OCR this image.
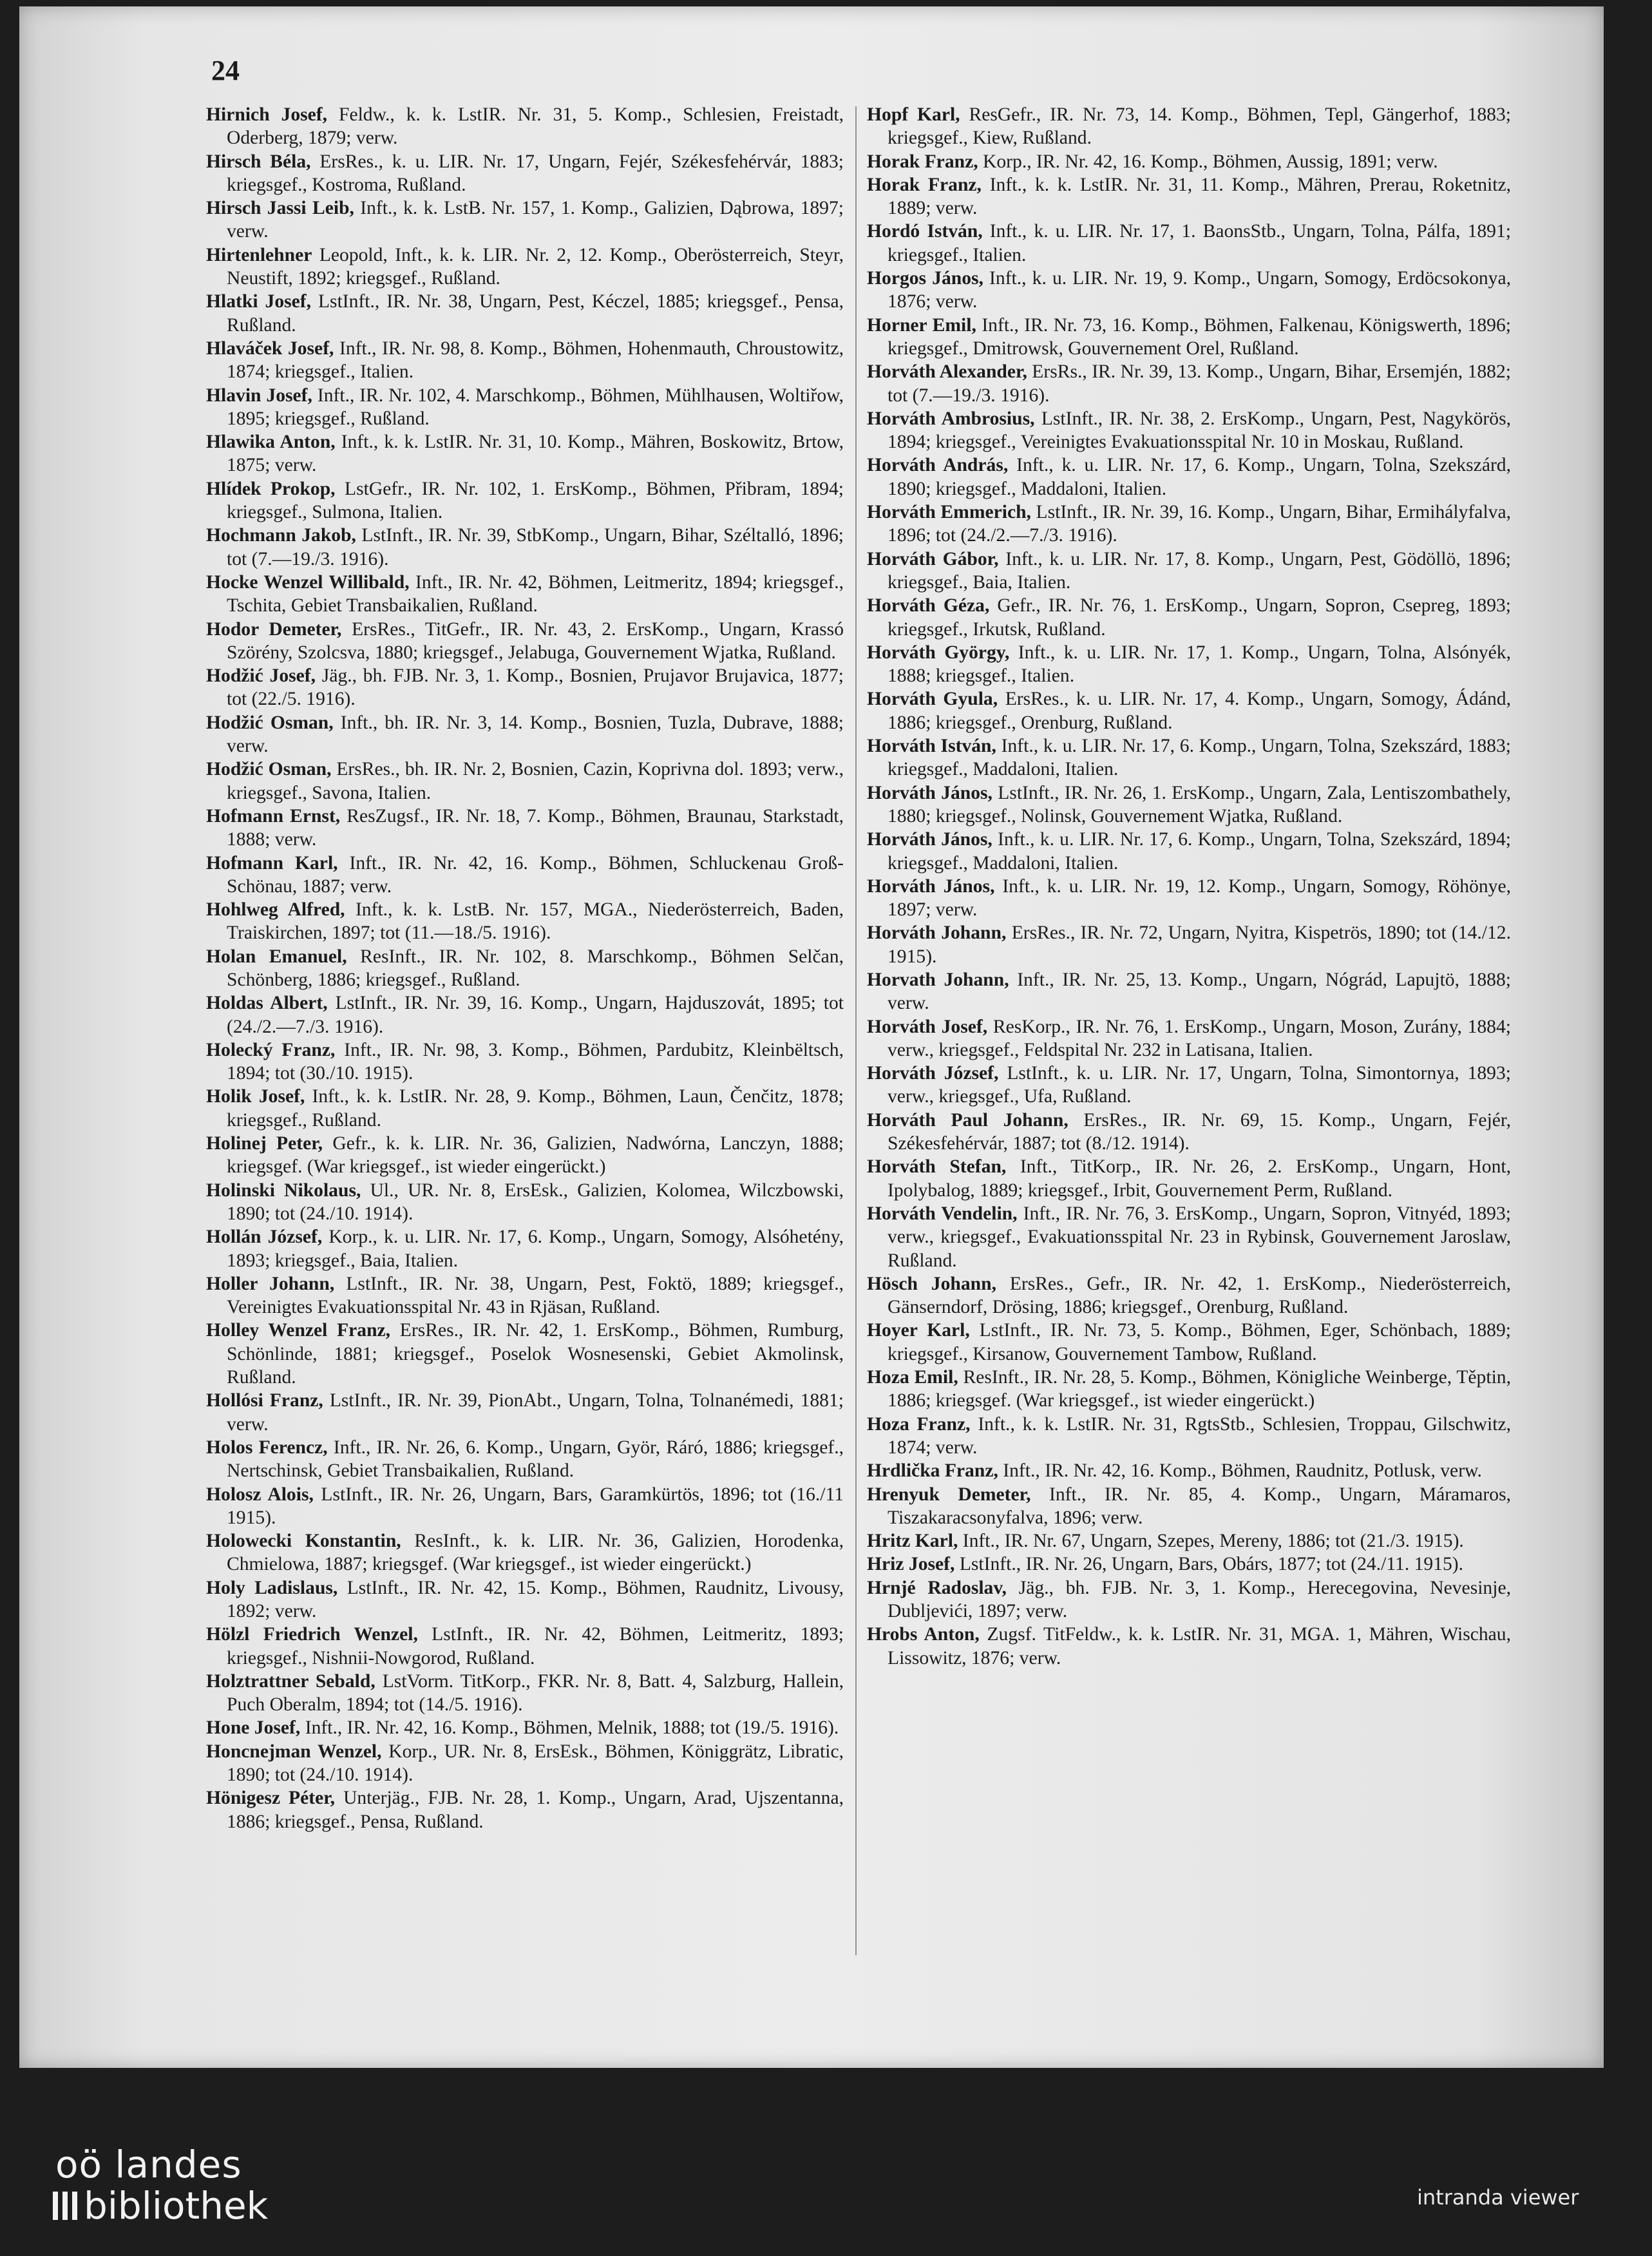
24

Hirnich Josef, Feldw., k. k. LstIR. Nr. 31, 5. Komp., Schlesien, Freistadt, Oderberg, 1879; verw.

Hirsch Béla, ErsRes., k. u. LIR. Nr. 17, Ungarn, Fejér, Székesfehérvár, 1883; kriegsgef., Kostroma, Rußland.

Hirsch Jassi Leib, Inft., k. k. LstB. Nr. 157, 1. Komp., Galizien, Dąbrowa, 1897; verw.

Hirtenlehner Leopold, Inft., k. k. LIR. Nr. 2, 12. Komp., Oberösterreich, Steyr, Neustift, 1892; kriegsgef., Rußland.

Hlatki Josef, LstInft., IR. Nr. 38, Ungarn, Pest, Kéczel, 1885; kriegsgef., Pensa, Rußland.

Hlaváček Josef, Inft., IR. Nr. 98, 8. Komp., Böhmen, Hohenmauth, Chroustowitz, 1874; kriegsgef., Italien.

Hlavin Josef, Inft., IR. Nr. 102, 4. Marschkomp., Böhmen, Mühlhausen, Woltiřow, 1895; kriegsgef., Rußland.

Hlawika Anton, Inft., k. k. LstIR. Nr. 31, 10. Komp., Mähren, Boskowitz, Brtow, 1875; verw.

Hlídek Prokop, LstGefr., IR. Nr. 102, 1. ErsKomp., Böhmen, Přibram, 1894; kriegsgef., Sulmona, Italien.

Hochmann Jakob, LstInft., IR. Nr. 39, StbKomp., Ungarn, Bihar, Széltalló, 1896; tot (7.—19./3. 1916).

Hocke Wenzel Willibald, Inft., IR. Nr. 42, Böhmen, Leitmeritz, 1894; kriegsgef., Tschita, Gebiet Transbaikalien, Rußland.

Hodor Demeter, ErsRes., TitGefr., IR. Nr. 43, 2. ErsKomp., Ungarn, Krassó Szörény, Szolcsva, 1880; kriegsgef., Jelabuga, Gouvernement Wjatka, Rußland.

Hodžić Josef, Jäg., bh. FJB. Nr. 3, 1. Komp., Bosnien, Prujavor Brujavica, 1877; tot (22./5. 1916).

Hodžić Osman, Inft., bh. IR. Nr. 3, 14. Komp., Bosnien, Tuzla, Dubrave, 1888; verw.

Hodžić Osman, ErsRes., bh. IR. Nr. 2, Bosnien, Cazin, Koprivna dol. 1893; verw., kriegsgef., Savona, Italien.

Hofmann Ernst, ResZugsf., IR. Nr. 18, 7. Komp., Böhmen, Braunau, Starkstadt, 1888; verw.

Hofmann Karl, Inft., IR. Nr. 42, 16. Komp., Böhmen, Schluckenau Groß-Schönau, 1887; verw.

Hohlweg Alfred, Inft., k. k. LstB. Nr. 157, MGA., Niederösterreich, Baden, Traiskirchen, 1897; tot (11.—18./5. 1916).

Holan Emanuel, ResInft., IR. Nr. 102, 8. Marschkomp., Böhmen Selčan, Schönberg, 1886; kriegsgef., Rußland.

Holdas Albert, LstInft., IR. Nr. 39, 16. Komp., Ungarn, Hajduszovát, 1895; tot (24./2.—7./3. 1916).

Holecký Franz, Inft., IR. Nr. 98, 3. Komp., Böhmen, Pardubitz, Kleinbëltsch, 1894; tot (30./10. 1915).

Holik Josef, Inft., k. k. LstIR. Nr. 28, 9. Komp., Böhmen, Laun, Čenčitz, 1878; kriegsgef., Rußland.

Holinej Peter, Gefr., k. k. LIR. Nr. 36, Galizien, Nadwórna, Lanczyn, 1888; kriegsgef. (War kriegsgef., ist wieder eingerückt.)

Holinski Nikolaus, Ul., UR. Nr. 8, ErsEsk., Galizien, Kolomea, Wilczbowski, 1890; tot (24./10. 1914).

Hollán József, Korp., k. u. LIR. Nr. 17, 6. Komp., Ungarn, Somogy, Alsóhetény, 1893; kriegsgef., Baia, Italien.

Holler Johann, LstInft., IR. Nr. 38, Ungarn, Pest, Foktö, 1889; kriegsgef., Vereinigtes Evakuationsspital Nr. 43 in Rjäsan, Rußland.

Holley Wenzel Franz, ErsRes., IR. Nr. 42, 1. ErsKomp., Böhmen, Rumburg, Schönlinde, 1881; kriegsgef., Poselok Wosnesenski, Gebiet Akmolinsk, Rußland.

Hollósi Franz, LstInft., IR. Nr. 39, PionAbt., Ungarn, Tolna, Tolnanémedi, 1881; verw.

Holos Ferencz, Inft., IR. Nr. 26, 6. Komp., Ungarn, Györ, Ráró, 1886; kriegsgef., Nertschinsk, Gebiet Transbaikalien, Rußland.

Holosz Alois, LstInft., IR. Nr. 26, Ungarn, Bars, Garamkürtös, 1896; tot (16./11 1915).

Holowecki Konstantin, ResInft., k. k. LIR. Nr. 36, Galizien, Horodenka, Chmielowa, 1887; kriegsgef. (War kriegsgef., ist wieder eingerückt.)

Holy Ladislaus, LstInft., IR. Nr. 42, 15. Komp., Böhmen, Raudnitz, Livousy, 1892; verw.

Hölzl Friedrich Wenzel, LstInft., IR. Nr. 42, Böhmen, Leitmeritz, 1893; kriegsgef., Nishnii-Nowgorod, Rußland.

Holztrattner Sebald, LstVorm. TitKorp., FKR. Nr. 8, Batt. 4, Salzburg, Hallein, Puch Oberalm, 1894; tot (14./5. 1916).

Hone Josef, Inft., IR. Nr. 42, 16. Komp., Böhmen, Melnik, 1888; tot (19./5. 1916).

Honcnejman Wenzel, Korp., UR. Nr. 8, ErsEsk., Böhmen, Königgrätz, Libratic, 1890; tot (24./10. 1914).

Hönigesz Péter, Unterjäg., FJB. Nr. 28, 1. Komp., Ungarn, Arad, Ujszentanna, 1886; kriegsgef., Pensa, Rußland.

Hopf Karl, ResGefr., IR. Nr. 73, 14. Komp., Böhmen, Tepl, Gängerhof, 1883; kriegsgef., Kiew, Rußland.

Horak Franz, Korp., IR. Nr. 42, 16. Komp., Böhmen, Aussig, 1891; verw.

Horak Franz, Inft., k. k. LstIR. Nr. 31, 11. Komp., Mähren, Prerau, Roketnitz, 1889; verw.

Hordó István, Inft., k. u. LIR. Nr. 17, 1. BaonsStb., Ungarn, Tolna, Pálfa, 1891; kriegsgef., Italien.

Horgos János, Inft., k. u. LIR. Nr. 19, 9. Komp., Ungarn, Somogy, Erdöcsokonya, 1876; verw.

Horner Emil, Inft., IR. Nr. 73, 16. Komp., Böhmen, Falkenau, Königswerth, 1896; kriegsgef., Dmitrowsk, Gouvernement Orel, Rußland.

Horváth Alexander, ErsRs., IR. Nr. 39, 13. Komp., Ungarn, Bihar, Ersemjén, 1882; tot (7.—19./3. 1916).

Horváth Ambrosius, LstInft., IR. Nr. 38, 2. ErsKomp., Ungarn, Pest, Nagykörös, 1894; kriegsgef., Vereinigtes Evakuationsspital Nr. 10 in Moskau, Rußland.

Horváth András, Inft., k. u. LIR. Nr. 17, 6. Komp., Ungarn, Tolna, Szekszárd, 1890; kriegsgef., Maddaloni, Italien.

Horváth Emmerich, LstInft., IR. Nr. 39, 16. Komp., Ungarn, Bihar, Ermihályfalva, 1896; tot (24./2.—7./3. 1916).

Horváth Gábor, Inft., k. u. LIR. Nr. 17, 8. Komp., Ungarn, Pest, Gödöllö, 1896; kriegsgef., Baia, Italien.

Horváth Géza, Gefr., IR. Nr. 76, 1. ErsKomp., Ungarn, Sopron, Csepreg, 1893; kriegsgef., Irkutsk, Rußland.

Horváth György, Inft., k. u. LIR. Nr. 17, 1. Komp., Ungarn, Tolna, Alsónyék, 1888; kriegsgef., Italien.

Horváth Gyula, ErsRes., k. u. LIR. Nr. 17, 4. Komp., Ungarn, Somogy, Ádánd, 1886; kriegsgef., Orenburg, Rußland.

Horváth István, Inft., k. u. LIR. Nr. 17, 6. Komp., Ungarn, Tolna, Szekszárd, 1883; kriegsgef., Maddaloni, Italien.

Horváth János, LstInft., IR. Nr. 26, 1. ErsKomp., Ungarn, Zala, Lentiszombathely, 1880; kriegsgef., Nolinsk, Gouvernement Wjatka, Rußland.

Horváth János, Inft., k. u. LIR. Nr. 17, 6. Komp., Ungarn, Tolna, Szekszárd, 1894; kriegsgef., Maddaloni, Italien.

Horváth János, Inft., k. u. LIR. Nr. 19, 12. Komp., Ungarn, Somogy, Röhönye, 1897; verw.

Horváth Johann, ErsRes., IR. Nr. 72, Ungarn, Nyitra, Kispetrös, 1890; tot (14./12. 1915).

Horvath Johann, Inft., IR. Nr. 25, 13. Komp., Ungarn, Nógrád, Lapujtö, 1888; verw.

Horváth Josef, ResKorp., IR. Nr. 76, 1. ErsKomp., Ungarn, Moson, Zurány, 1884; verw., kriegsgef., Feldspital Nr. 232 in Latisana, Italien.

Horváth József, LstInft., k. u. LIR. Nr. 17, Ungarn, Tolna, Simontornya, 1893; verw., kriegsgef., Ufa, Rußland.

Horváth Paul Johann, ErsRes., IR. Nr. 69, 15. Komp., Ungarn, Fejér, Székesfehérvár, 1887; tot (8./12. 1914).

Horváth Stefan, Inft., TitKorp., IR. Nr. 26, 2. ErsKomp., Ungarn, Hont, Ipolybalog, 1889; kriegsgef., Irbit, Gouvernement Perm, Rußland.

Horváth Vendelin, Inft., IR. Nr. 76, 3. ErsKomp., Ungarn, Sopron, Vitnyéd, 1893; verw., kriegsgef., Evakuationsspital Nr. 23 in Rybinsk, Gouvernement Jaroslaw, Rußland.

Hösch Johann, ErsRes., Gefr., IR. Nr. 42, 1. ErsKomp., Niederösterreich, Gänserndorf, Drösing, 1886; kriegsgef., Orenburg, Rußland.

Hoyer Karl, LstInft., IR. Nr. 73, 5. Komp., Böhmen, Eger, Schönbach, 1889; kriegsgef., Kirsanow, Gouvernement Tambow, Rußland.

Hoza Emil, ResInft., IR. Nr. 28, 5. Komp., Böhmen, Königliche Weinberge, Těptin, 1886; kriegsgef. (War kriegsgef., ist wieder eingerückt.)

Hoza Franz, Inft., k. k. LstIR. Nr. 31, RgtsStb., Schlesien, Troppau, Gilschwitz, 1874; verw.

Hrdlička Franz, Inft., IR. Nr. 42, 16. Komp., Böhmen, Raudnitz, Potlusk, verw.

Hrenyuk Demeter, Inft., IR. Nr. 85, 4. Komp., Ungarn, Máramaros, Tiszakaracsonyfalva, 1896; verw.

Hritz Karl, Inft., IR. Nr. 67, Ungarn, Szepes, Mereny, 1886; tot (21./3. 1915).

Hriz Josef, LstInft., IR. Nr. 26, Ungarn, Bars, Obárs, 1877; tot (24./11. 1915).

Hrnjé Radoslav, Jäg., bh. FJB. Nr. 3, 1. Komp., Herecegovina, Nevesinje, Dubljevići, 1897; verw.

Hrobs Anton, Zugsf. TitFeldw., k. k. LstIR. Nr. 31, MGA. 1, Mähren, Wischau, Lissowitz, 1876; verw.

oö landes
bibliothek	intranda viewer
